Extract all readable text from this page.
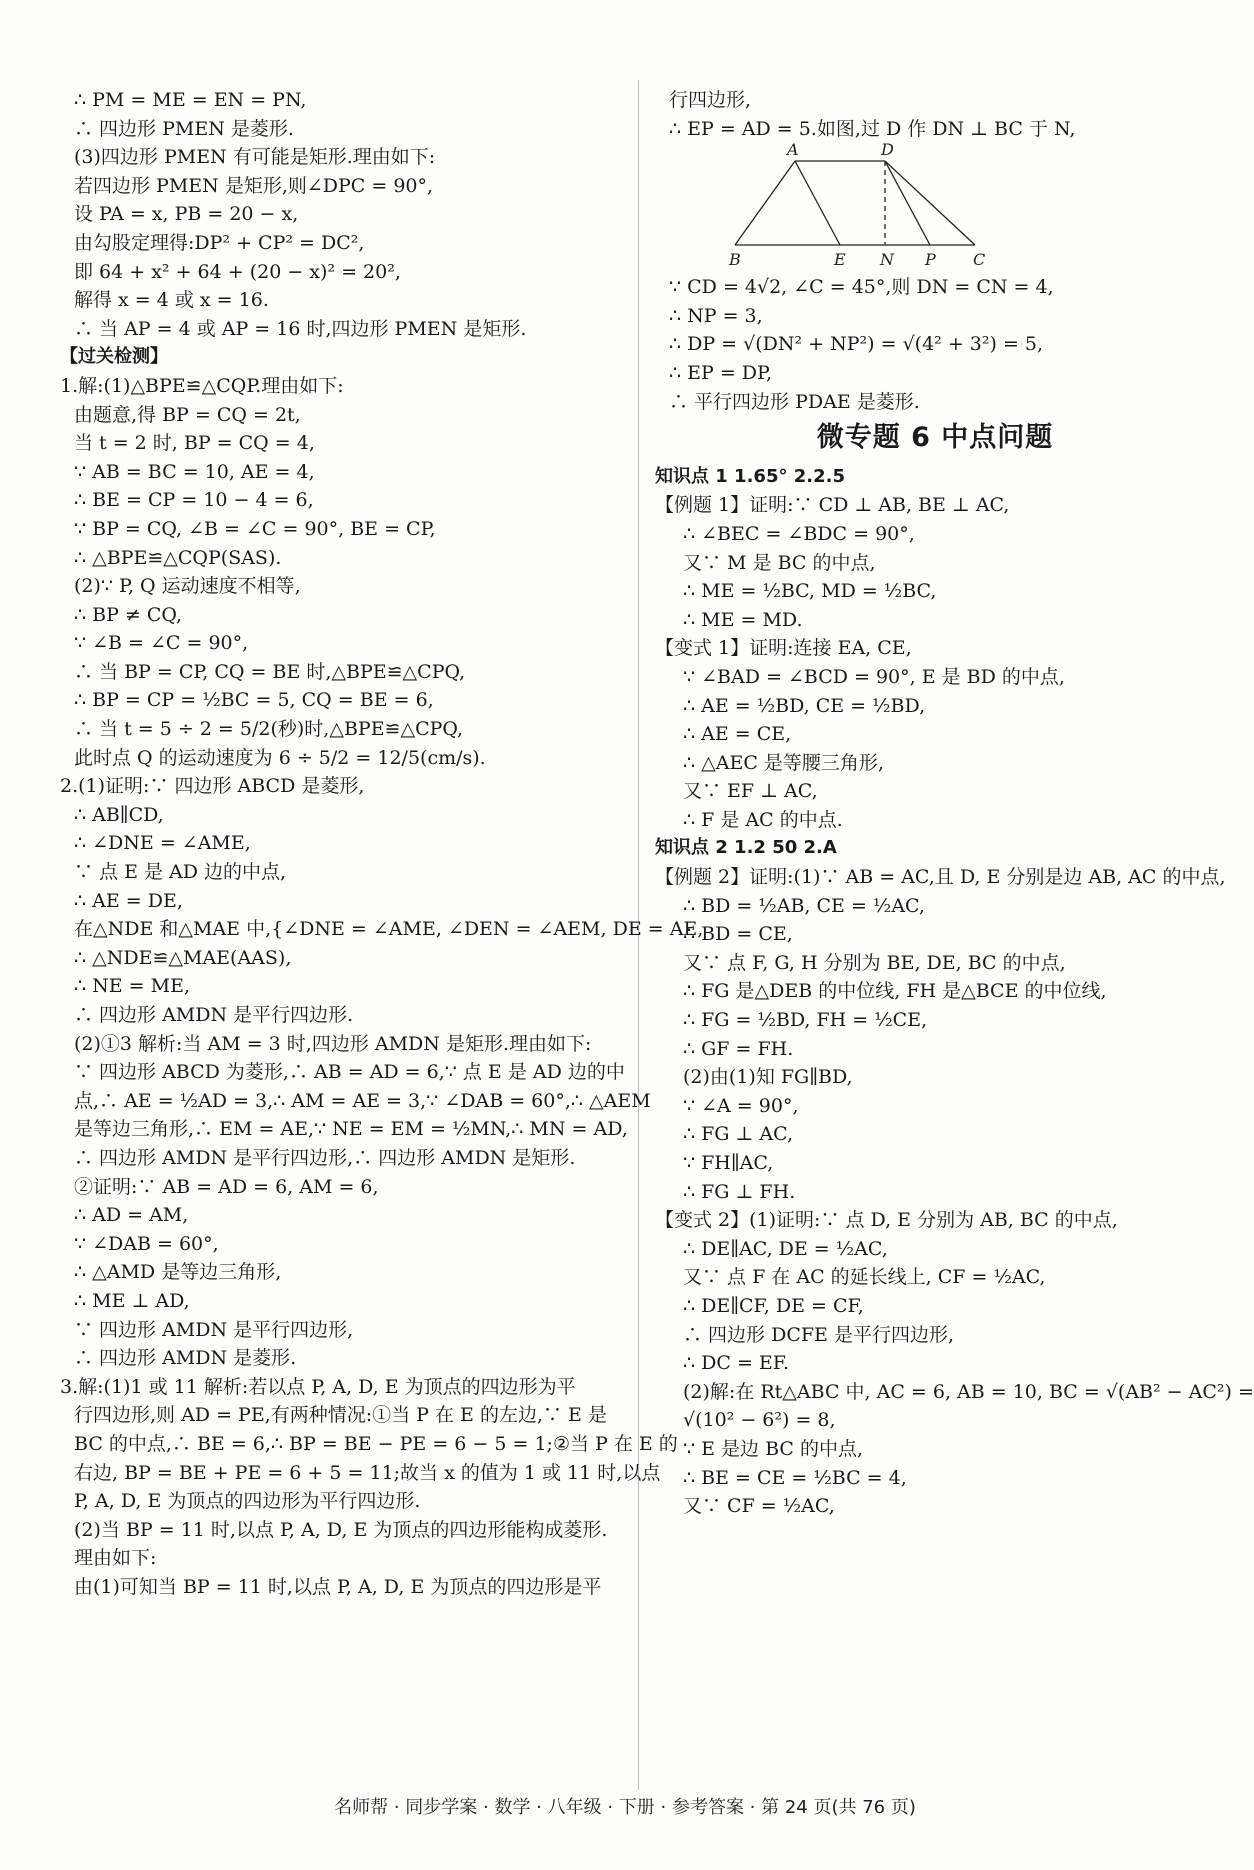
∴ PM = ME = EN = PN,
∴ 四边形 PMEN 是菱形.
(3)四边形 PMEN 有可能是矩形.理由如下:
若四边形 PMEN 是矩形,则∠DPC = 90°,
设 PA = x, PB = 20 − x,
由勾股定理得:DP² + CP² = DC²,
即 64 + x² + 64 + (20 − x)² = 20²,
解得 x = 4 或 x = 16.
∴ 当 AP = 4 或 AP = 16 时,四边形 PMEN 是矩形.
【过关检测】
1.解:(1)△BPE≌△CQP.理由如下:
由题意,得 BP = CQ = 2t,
当 t = 2 时, BP = CQ = 4,
∵ AB = BC = 10, AE = 4,
∴ BE = CP = 10 − 4 = 6,
∵ BP = CQ, ∠B = ∠C = 90°, BE = CP,
∴ △BPE≌△CQP(SAS).
(2)∵ P, Q 运动速度不相等,
∴ BP ≠ CQ,
∵ ∠B = ∠C = 90°,
∴ 当 BP = CP, CQ = BE 时,△BPE≌△CPQ,
∴ BP = CP = ½BC = 5, CQ = BE = 6,
∴ 当 t = 5 ÷ 2 = 5/2(秒)时,△BPE≌△CPQ,
此时点 Q 的运动速度为 6 ÷ 5/2 = 12/5(cm/s).
2.(1)证明:∵ 四边形 ABCD 是菱形,
∴ AB∥CD,
∴ ∠DNE = ∠AME,
∵ 点 E 是 AD 边的中点,
∴ AE = DE,
在△NDE 和△MAE 中,{∠DNE = ∠AME, ∠DEN = ∠AEM, DE = AE,
∴ △NDE≌△MAE(AAS),
∴ NE = ME,
∴ 四边形 AMDN 是平行四边形.
(2)①3 解析:当 AM = 3 时,四边形 AMDN 是矩形.理由如下:
∵ 四边形 ABCD 为菱形,∴ AB = AD = 6,∵ 点 E 是 AD 边的中
点,∴ AE = ½AD = 3,∴ AM = AE = 3,∵ ∠DAB = 60°,∴ △AEM
是等边三角形,∴ EM = AE,∵ NE = EM = ½MN,∴ MN = AD,
∴ 四边形 AMDN 是平行四边形,∴ 四边形 AMDN 是矩形.
②证明:∵ AB = AD = 6, AM = 6,
∴ AD = AM,
∵ ∠DAB = 60°,
∴ △AMD 是等边三角形,
∴ ME ⊥ AD,
∵ 四边形 AMDN 是平行四边形,
∴ 四边形 AMDN 是菱形.
3.解:(1)1 或 11 解析:若以点 P, A, D, E 为顶点的四边形为平
行四边形,则 AD = PE,有两种情况:①当 P 在 E 的左边,∵ E 是
BC 的中点,∴ BE = 6,∴ BP = BE − PE = 6 − 5 = 1;②当 P 在 E 的
右边, BP = BE + PE = 6 + 5 = 11;故当 x 的值为 1 或 11 时,以点
P, A, D, E 为顶点的四边形为平行四边形.
(2)当 BP = 11 时,以点 P, A, D, E 为顶点的四边形能构成菱形.
理由如下:
由(1)可知当 BP = 11 时,以点 P, A, D, E 为顶点的四边形是平
行四边形,
∴ EP = AD = 5.如图,过 D 作 DN ⊥ BC 于 N,
A	D
B	E N P C
∵ CD = 4√2, ∠C = 45°,则 DN = CN = 4,
∴ NP = 3,
∴ DP = √(DN² + NP²) = √(4² + 3²) = 5,
∴ EP = DP,
∴ 平行四边形 PDAE 是菱形.
微专题 6 中点问题
知识点 1 1.65° 2.2.5
【例题 1】证明:∵ CD ⊥ AB, BE ⊥ AC,
∴ ∠BEC = ∠BDC = 90°,
又∵ M 是 BC 的中点,
∴ ME = ½BC, MD = ½BC,
∴ ME = MD.
【变式 1】证明:连接 EA, CE,
∵ ∠BAD = ∠BCD = 90°, E 是 BD 的中点,
∴ AE = ½BD, CE = ½BD,
∴ AE = CE,
∴ △AEC 是等腰三角形,
又∵ EF ⊥ AC,
∴ F 是 AC 的中点.
知识点 2 1.2 50 2.A
【例题 2】证明:(1)∵ AB = AC,且 D, E 分别是边 AB, AC 的中点,
∴ BD = ½AB, CE = ½AC,
∴ BD = CE,
又∵ 点 F, G, H 分别为 BE, DE, BC 的中点,
∴ FG 是△DEB 的中位线, FH 是△BCE 的中位线,
∴ FG = ½BD, FH = ½CE,
∴ GF = FH.
(2)由(1)知 FG∥BD,
∵ ∠A = 90°,
∴ FG ⊥ AC,
∵ FH∥AC,
∴ FG ⊥ FH.
【变式 2】(1)证明:∵ 点 D, E 分别为 AB, BC 的中点,
∴ DE∥AC, DE = ½AC,
又∵ 点 F 在 AC 的延长线上, CF = ½AC,
∴ DE∥CF, DE = CF,
∴ 四边形 DCFE 是平行四边形,
∴ DC = EF.
(2)解:在 Rt△ABC 中, AC = 6, AB = 10, BC = √(AB² − AC²) =
√(10² − 6²) = 8,
∵ E 是边 BC 的中点,
∴ BE = CE = ½BC = 4,
又∵ CF = ½AC,
名师帮 · 同步学案 · 数学 · 八年级 · 下册 · 参考答案 · 第 24 页(共 76 页)
